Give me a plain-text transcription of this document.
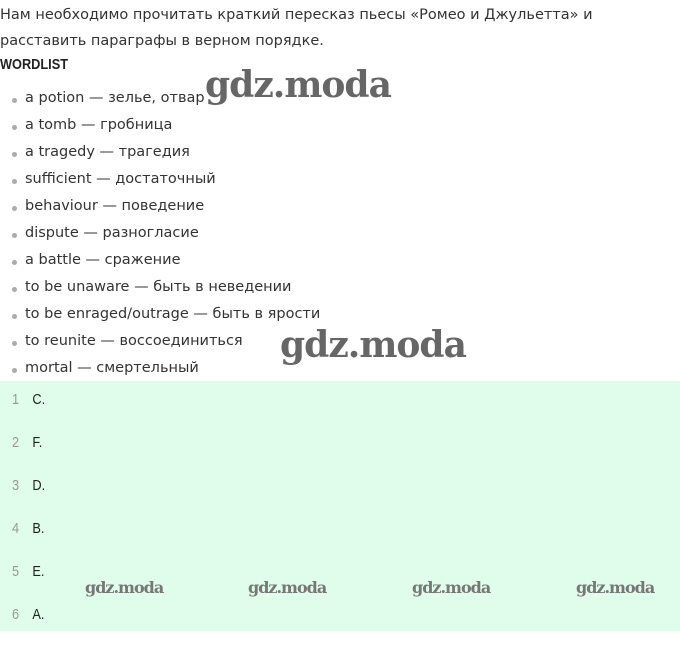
Нам необходимо прочитать краткий пересказ пьесы «Ромео и Джульетта» и расставить параграфы в верном порядке.
WORDLIST
a potion — зелье, отвар
a tomb — гробница
a tragedy — трагедия
sufficient — достаточный
behaviour — поведение
dispute — разногласие
a battle — сражение
to be unaware — быть в неведении
to be enraged/outrage — быть в ярости
to reunite — воссоединиться
mortal — смертельный
1 C.
2 F.
3 D.
4 B.
5 E.
6 A.
gdz.moda
gdz.moda
gdz.moda	gdz.moda	gdz.moda	gdz.moda
